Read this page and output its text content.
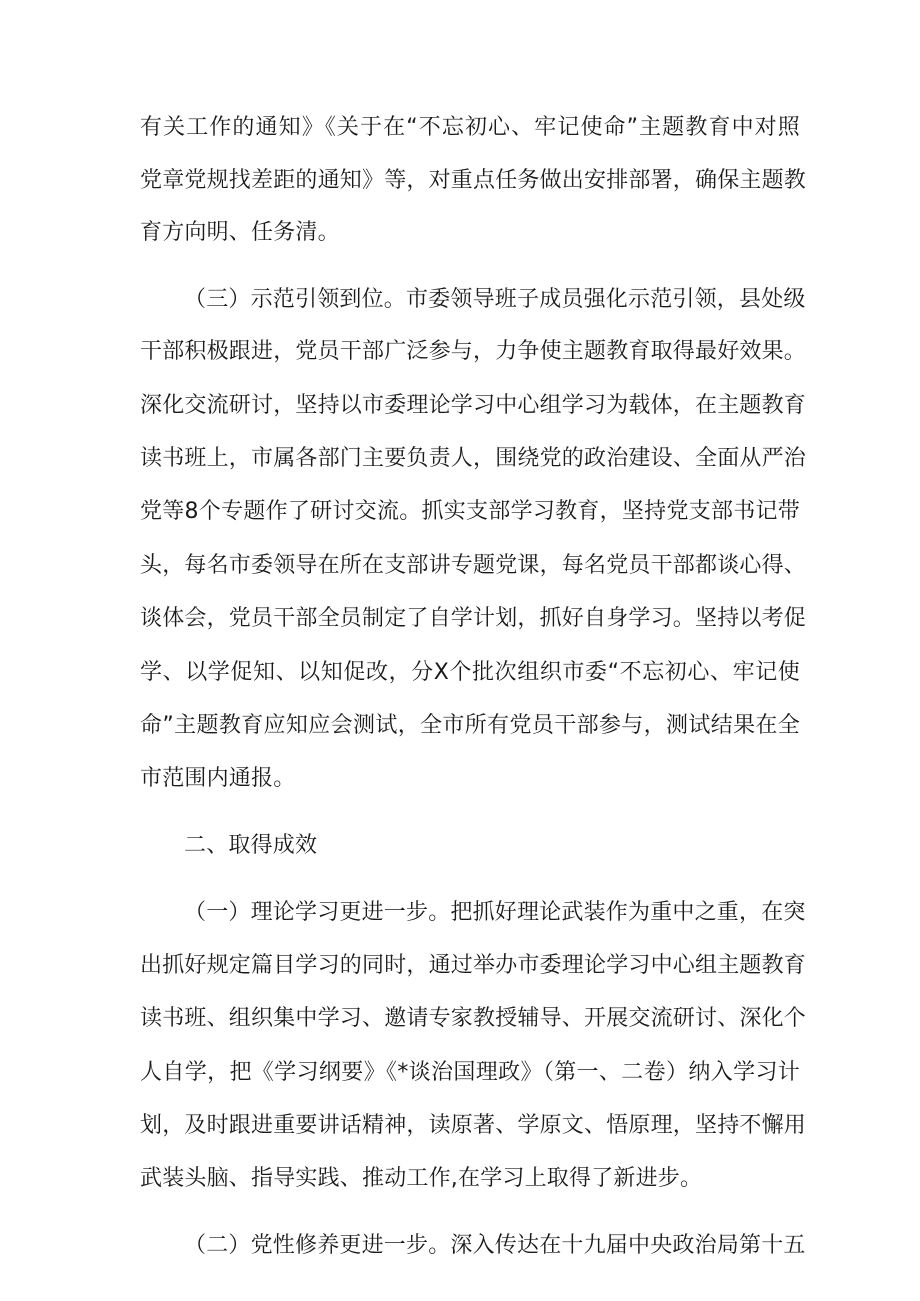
有关工作的通知》《关于在“不忘初心、牢记使命”主题教育中对照
党章党规找差距的通知》等，对重点任务做出安排部署，确保主题教
育方向明、任务清。
（三）示范引领到位。市委领导班子成员强化示范引领，县处级
干部积极跟进，党员干部广泛参与，力争使主题教育取得最好效果。
深化交流研讨，坚持以市委理论学习中心组学习为载体，在主题教育
读书班上，市属各部门主要负责人，围绕党的政治建设、全面从严治
党等8个专题作了研讨交流。抓实支部学习教育，坚持党支部书记带
头，每名市委领导在所在支部讲专题党课，每名党员干部都谈心得、
谈体会，党员干部全员制定了自学计划，抓好自身学习。坚持以考促
学、以学促知、以知促改，分X个批次组织市委“不忘初心、牢记使
命”主题教育应知应会测试，全市所有党员干部参与，测试结果在全
市范围内通报。
二、取得成效
（一）理论学习更进一步。把抓好理论武装作为重中之重，在突
出抓好规定篇目学习的同时，通过举办市委理论学习中心组主题教育
读书班、组织集中学习、邀请专家教授辅导、开展交流研讨、深化个
人自学，把《学习纲要》《*谈治国理政》（第一、二卷）纳入学习计
划，及时跟进重要讲话精神，读原著、学原文、悟原理，坚持不懈用
武装头脑、指导实践、推动工作,在学习上取得了新进步。
（二）党性修养更进一步。深入传达在十九届中央政治局第十五
